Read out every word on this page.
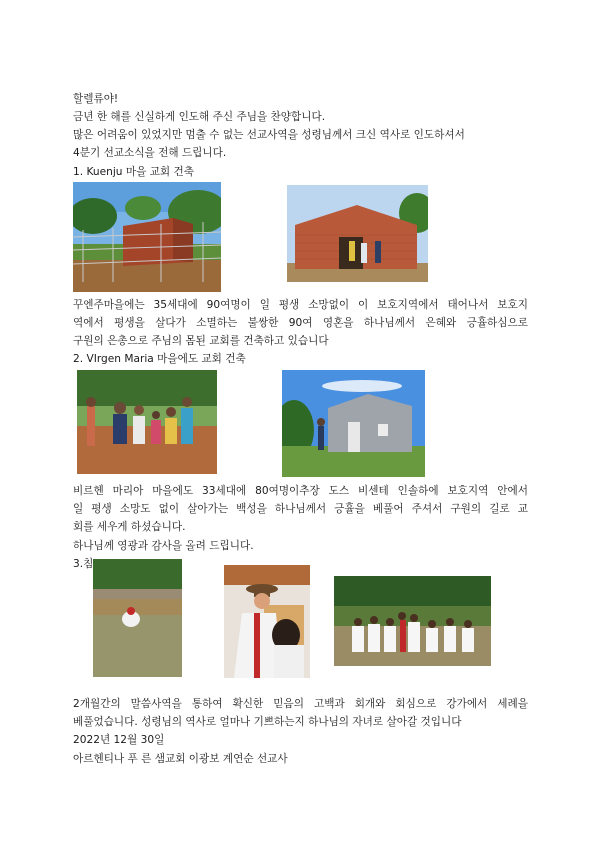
할렐류야!
금년 한 해를 신실하게 인도해 주신 주님을 찬양합니다.
많은 어려움이 있었지만 멈출 수 없는 선교사역을 성령님께서 크신 역사로 인도하셔서
4분기 선교소식을 전해 드립니다.
1. Kuenju 마을 교회 건축
꾸엔주마을에는 35세대에 90여명이 일 평생 소망없이 이 보호지역에서 태어나서 보호지
역에서 평생을 살다가 소멸하는 불쌍한 90여 영혼을 하나님께서 은혜와 긍휼하심으로
구원의 은총으로 주님의 몸된 교회를 건축하고 있습니다
2. VIrgen Maria 마을에도 교회 건축
비르헨 마리아 마을에도 33세대에 80여명이추장 도스 비센테 인솔하에 보호지역 안에서
일 평생 소망도 없이 살아가는 백성을 하나님께서 긍휼을 베풀어 주셔서 구원의 길로 교
회를 세우게 하셨습니다.
하나님께 영광과 감사을 올려 드립니다.
3.침
2개월간의 말씀사역을 통하여 확신한 믿음의 고백과 회개와 회심으로 강가에서 세례을
베풀었습니다. 성령님의 역사로 얼마나 기쁘하는지 하나님의 자녀로 살아갈 것입니다
2022년 12월 30일
아르헨티나 푸 른 샘교회 이광보 계연순 선교사
